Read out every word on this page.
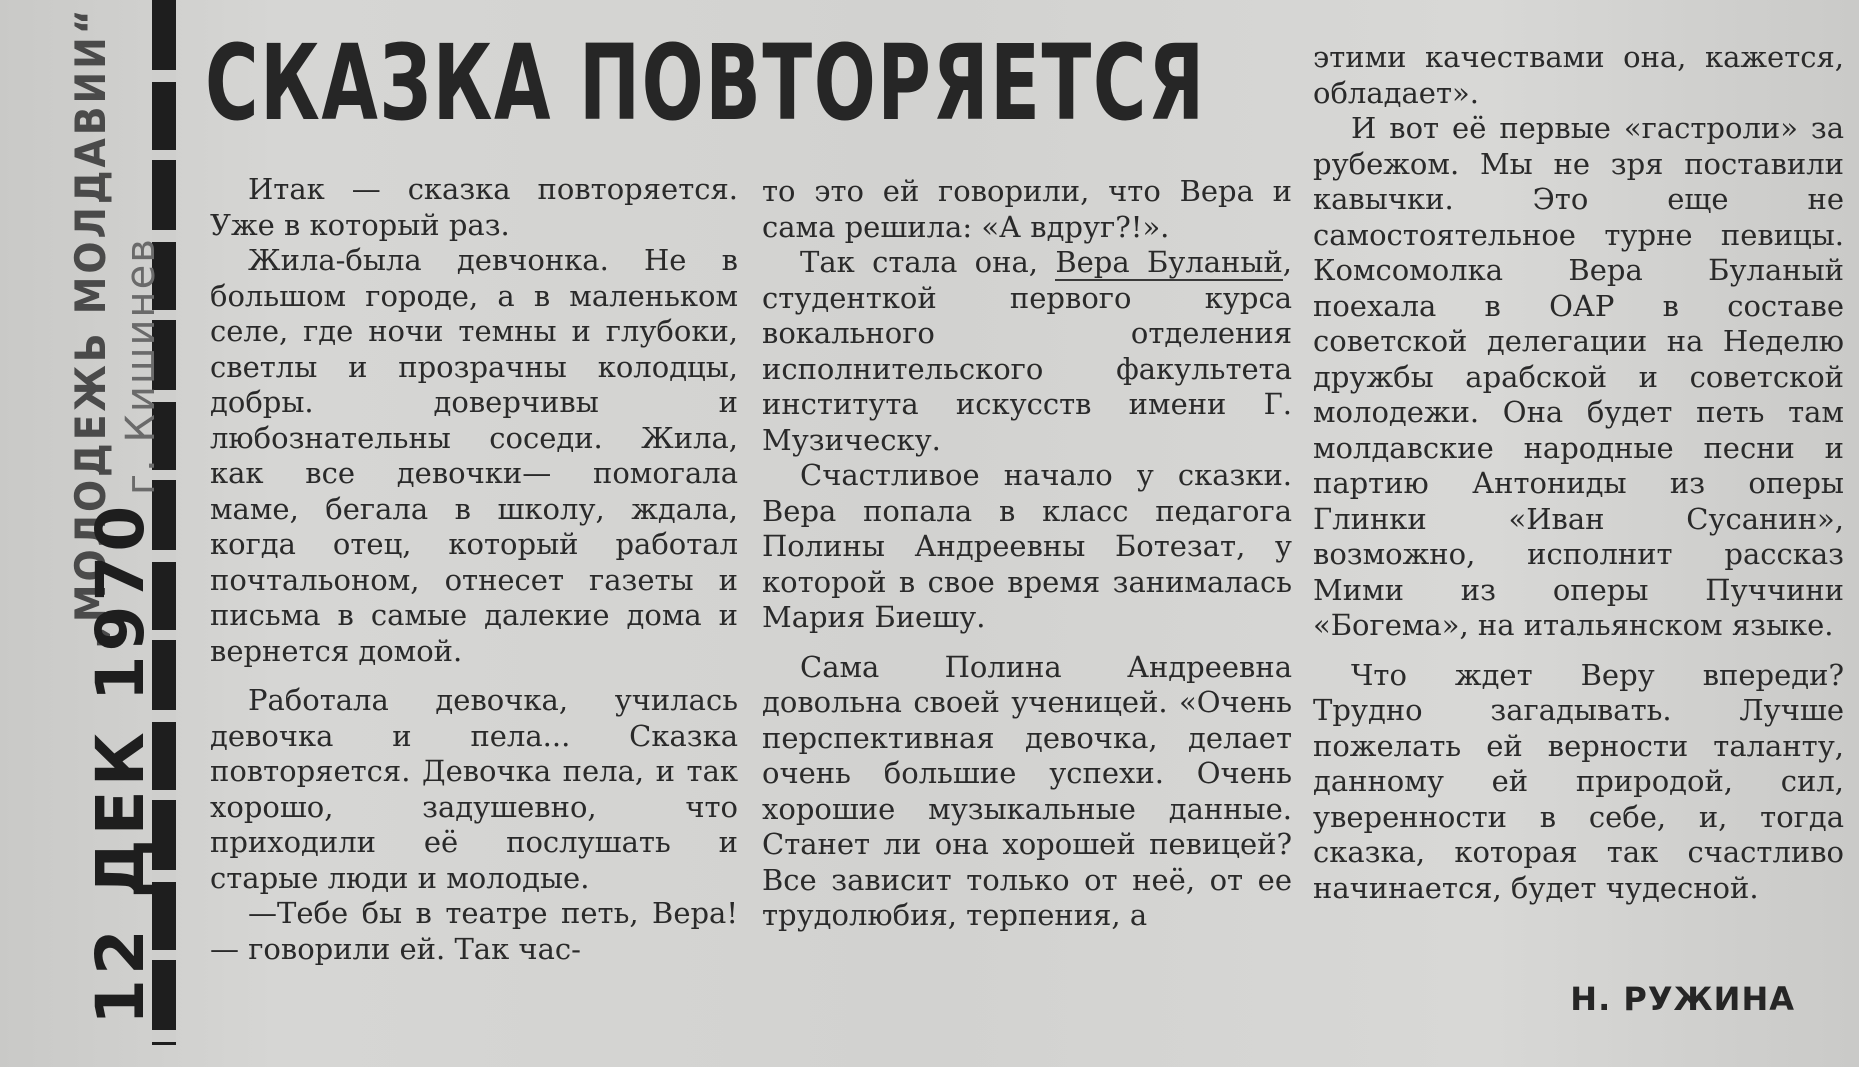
„МОЛОДЕЖЬ МОЛДАВИИ“ г. Кишинев
12 ДЕК 1970
СКАЗКА ПОВТОРЯЕТСЯ

Итак — сказка повторяется. Уже в который раз.

Жила-была девчонка. Не в большом городе, а в маленьком селе, где ночи темны и глубоки, светлы и прозрачны колодцы, добры. доверчивы и любознательны соседи. Жила, как все девочки— помогала маме, бегала в школу, ждала, когда отец, который работал почтальоном, отнесет газеты и письма в самые далекие дома и вернется домой.

Работала девочка, училась девочка и пела... Сказка повторяется. Девочка пела, и так хорошо, задушевно, что приходили её послушать и старые люди и молодые.

—Тебе бы в театре петь, Вера! — говорили ей. Так час-

то это ей говорили, что Вера и сама решила: «А вдруг?!».

Так стала она, Вера Буланый, студенткой первого курса вокального отделения исполнительского факультета института искусств имени Г. Музическу.

Счастливое начало у сказки. Вера попала в класс педагога Полины Андреевны Ботезат, у которой в свое время занималась Мария Биешу.

Сама Полина Андреевна довольна своей ученицей. «Очень перспективная девочка, делает очень большие успехи. Очень хорошие музыкальные данные. Станет ли она хорошей певицей? Все зависит только от неё, от ее трудолюбия, терпения, а

этими качествами она, кажется, обладает».

И вот её первые «гастроли» за рубежом. Мы не зря поставили кавычки. Это еще не самостоятельное турне певицы. Комсомолка Вера Буланый поехала в ОАР в составе советской делегации на Неделю дружбы арабской и советской молодежи. Она будет петь там молдавские народные песни и партию Антониды из оперы Глинки «Иван Сусанин», возможно, исполнит рассказ Мими из оперы Пуччини «Богема», на итальянском языке.

Что ждет Веру впереди? Трудно загадывать. Лучше пожелать ей верности таланту, данному ей природой, сил, уверенности в себе, и, тогда сказка, которая так счастливо начинается, будет чудесной.

Н. РУЖИНА
